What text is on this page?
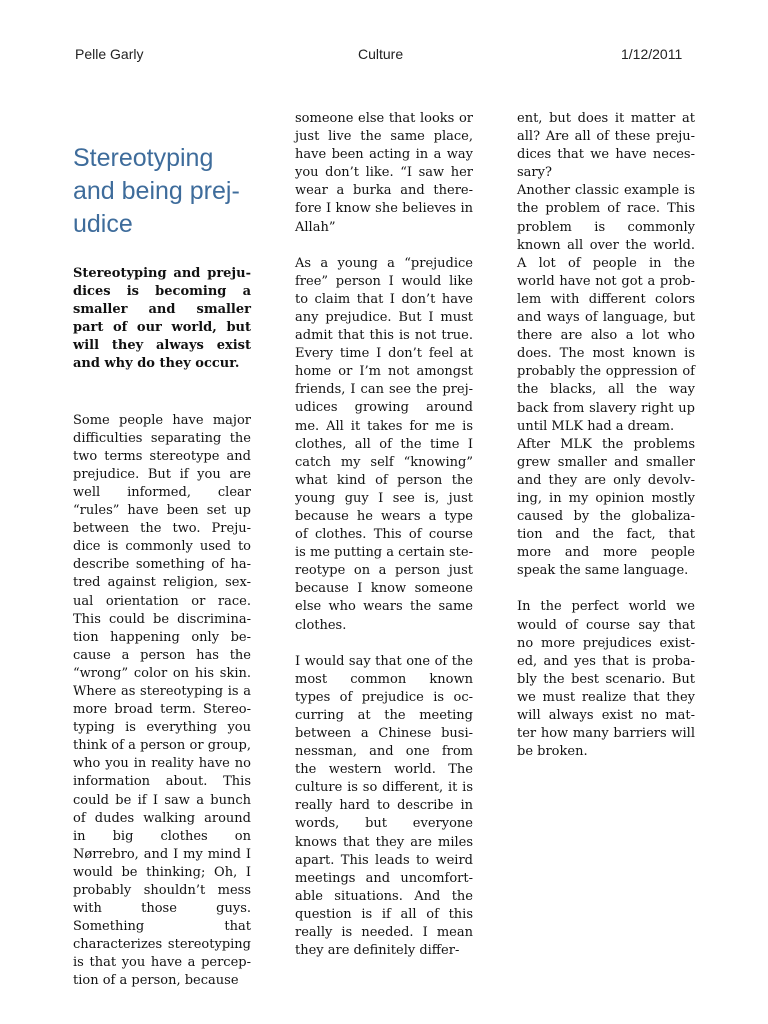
Pelle Garly	Culture	1/12/2011
Stereotyping and being prej-udice

Stereotyping and preju-dices is becoming a smaller and smaller part of our world, but will they always exist and why do they occur.

Some people have major difficulties separating the two terms stereotype and prejudice. But if you are well informed, clear “rules” have been set up between the two. Preju-dice is commonly used to describe something of ha-tred against religion, sex-ual orientation or race. This could be discrimina-tion happening only be-cause a person has the “wrong” color on his skin. Where as stereotyping is a more broad term. Stereo-typing is everything you think of a person or group, who you in reality have no information about. This could be if I saw a bunch of dudes walking around in big clothes on Nørrebro, and I my mind I would be thinking; Oh, I probably shouldn’t mess with those guys. Something that characterizes stereotyping is that you have a percep-tion of a person, because

someone else that looks or just live the same place, have been acting in a way you don’t like. “I saw her wear a burka and there-fore I know she believes in Allah”

As a young a “prejudice free” person I would like to claim that I don’t have any prejudice. But I must admit that this is not true. Every time I don’t feel at home or I’m not amongst friends, I can see the prej-udices growing around me. All it takes for me is clothes, all of the time I catch my self “knowing” what kind of person the young guy I see is, just because he wears a type of clothes. This of course is me putting a certain ste-reotype on a person just because I know someone else who wears the same clothes.

I would say that one of the most common known types of prejudice is oc-curring at the meeting between a Chinese busi-nessman, and one from the western world. The culture is so different, it is really hard to describe in words, but everyone knows that they are miles apart. This leads to weird meetings and uncomfort-able situations. And the question is if all of this really is needed. I mean they are definitely differ-

ent, but does it matter at all? Are all of these preju-dices that we have neces-sary?

Another classic example is the problem of race. This problem is commonly known all over the world. A lot of people in the world have not got a prob-lem with different colors and ways of language, but there are also a lot who does. The most known is probably the oppression of the blacks, all the way back from slavery right up until MLK had a dream.

After MLK the problems grew smaller and smaller and they are only devolv-ing, in my opinion mostly caused by the globaliza-tion and the fact, that more and more people speak the same language.

In the perfect world we would of course say that no more prejudices exist-ed, and yes that is proba-bly the best scenario. But we must realize that they will always exist no mat-ter how many barriers will be broken.
